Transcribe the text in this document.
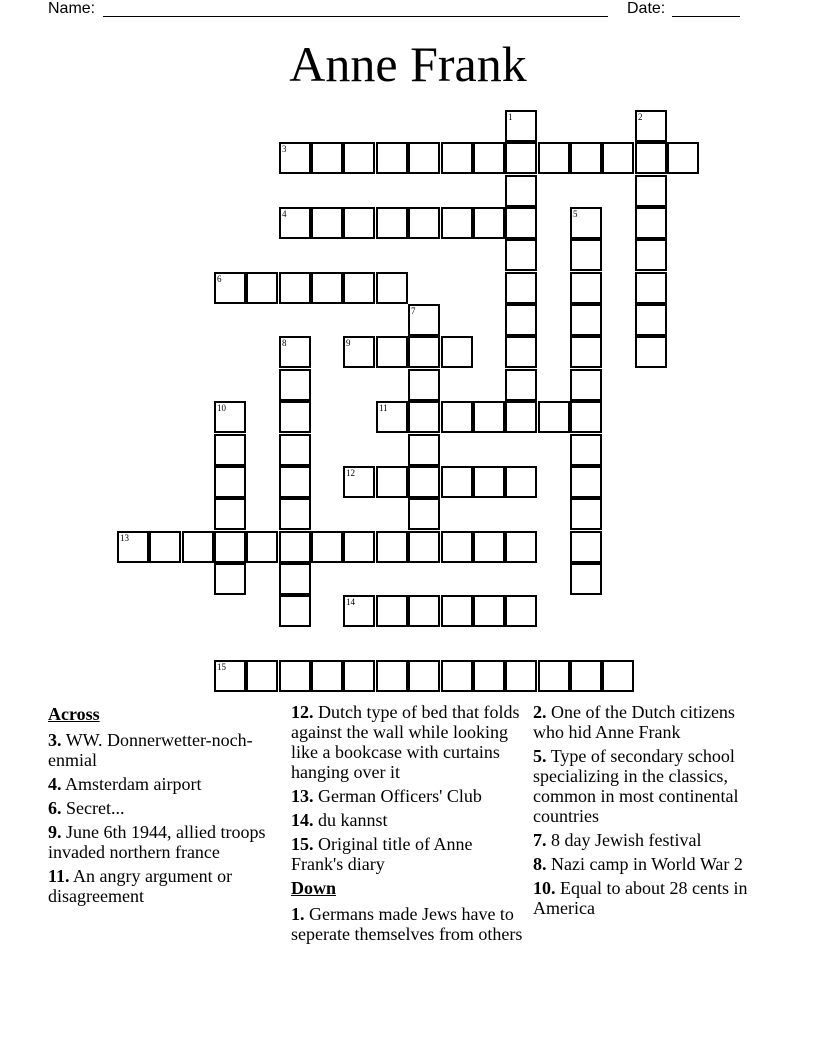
Name:	Date:
Anne Frank
1	2
3
4	5
6
7
8	9
10	11
12
13
14
15
Across
3. WW. Donnerwetter-noch-enmial
4. Amsterdam airport
6. Secret...
9. June 6th 1944, allied troops invaded northern france
11. An angry argument or disagreement
12. Dutch type of bed that folds against the wall while looking like a bookcase with curtains hanging over it
13. German Officers' Club
14. du kannst
15. Original title of Anne Frank's diary
Down
1. Germans made Jews have to seperate themselves from others
2. One of the Dutch citizens who hid Anne Frank
5. Type of secondary school specializing in the classics, common in most continental countries
7. 8 day Jewish festival
8. Nazi camp in World War 2
10. Equal to about 28 cents in America
